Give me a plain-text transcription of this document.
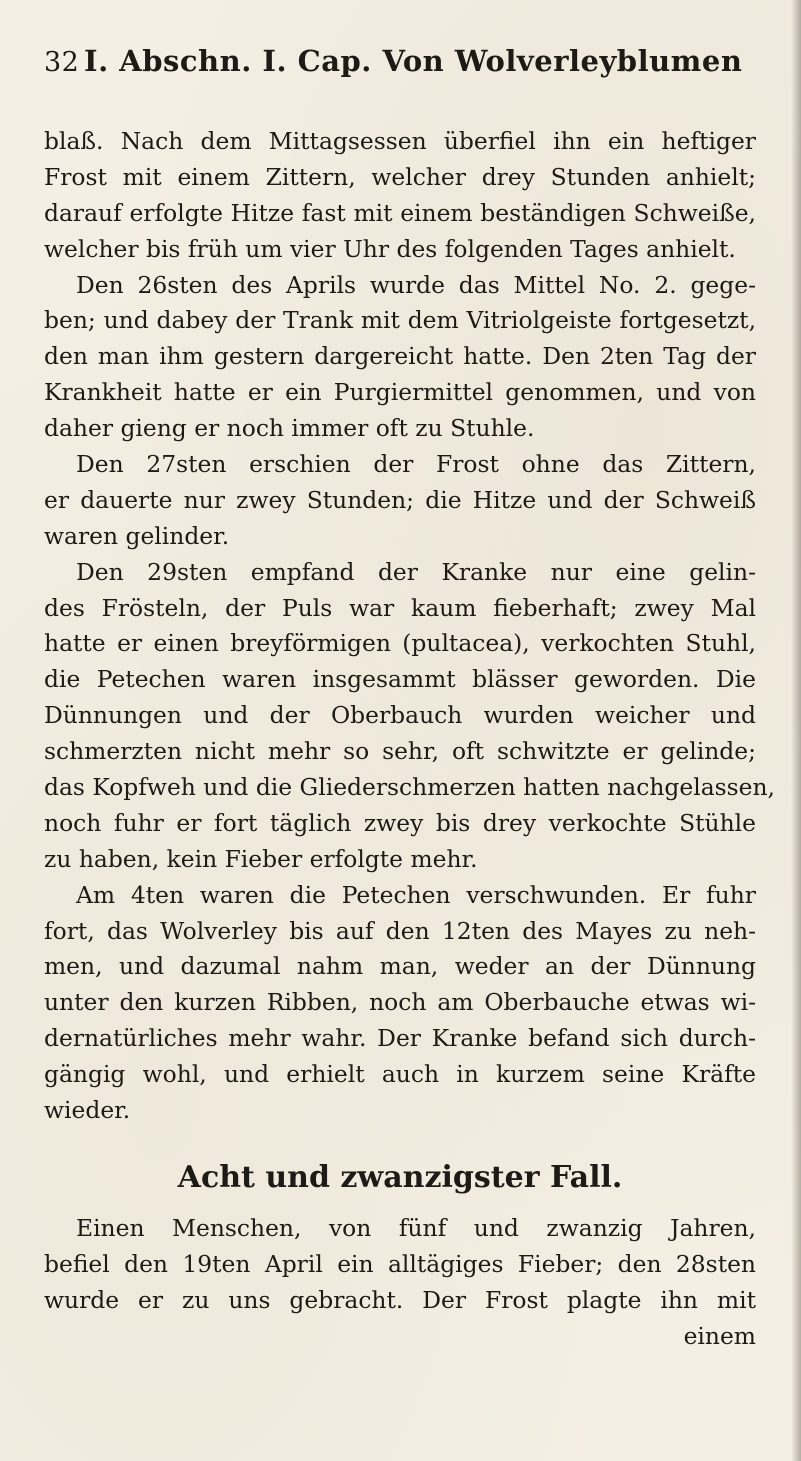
32 I. Abschn. I. Cap. Von Wolverleyblumen
blaß. Nach dem Mittagsessen überfiel ihn ein heftiger
Frost mit einem Zittern, welcher drey Stunden anhielt;
darauf erfolgte Hitze fast mit einem beständigen Schweiße,
welcher bis früh um vier Uhr des folgenden Tages anhielt.
Den 26sten des Aprils wurde das Mittel No. 2. gege-
ben; und dabey der Trank mit dem Vitriolgeiste fortgesetzt,
den man ihm gestern dargereicht hatte. Den 2ten Tag der
Krankheit hatte er ein Purgiermittel genommen, und von
daher gieng er noch immer oft zu Stuhle.
Den 27sten erschien der Frost ohne das Zittern,
er dauerte nur zwey Stunden; die Hitze und der Schweiß
waren gelinder.
Den 29sten empfand der Kranke nur eine gelin-
des Frösteln, der Puls war kaum fieberhaft; zwey Mal
hatte er einen breyförmigen (pultacea), verkochten Stuhl,
die Petechen waren insgesammt blässer geworden. Die
Dünnungen und der Oberbauch wurden weicher und
schmerzten nicht mehr so sehr, oft schwitzte er gelinde;
das Kopfweh und die Gliederschmerzen hatten nachgelassen,
noch fuhr er fort täglich zwey bis drey verkochte Stühle
zu haben, kein Fieber erfolgte mehr.
Am 4ten waren die Petechen verschwunden. Er fuhr
fort, das Wolverley bis auf den 12ten des Mayes zu neh-
men, und dazumal nahm man, weder an der Dünnung
unter den kurzen Ribben, noch am Oberbauche etwas wi-
dernatürliches mehr wahr. Der Kranke befand sich durch-
gängig wohl, und erhielt auch in kurzem seine Kräfte
wieder.
Acht und zwanzigster Fall.
Einen Menschen, von fünf und zwanzig Jahren,
befiel den 19ten April ein alltägiges Fieber; den 28sten
wurde er zu uns gebracht. Der Frost plagte ihn mit
einem
